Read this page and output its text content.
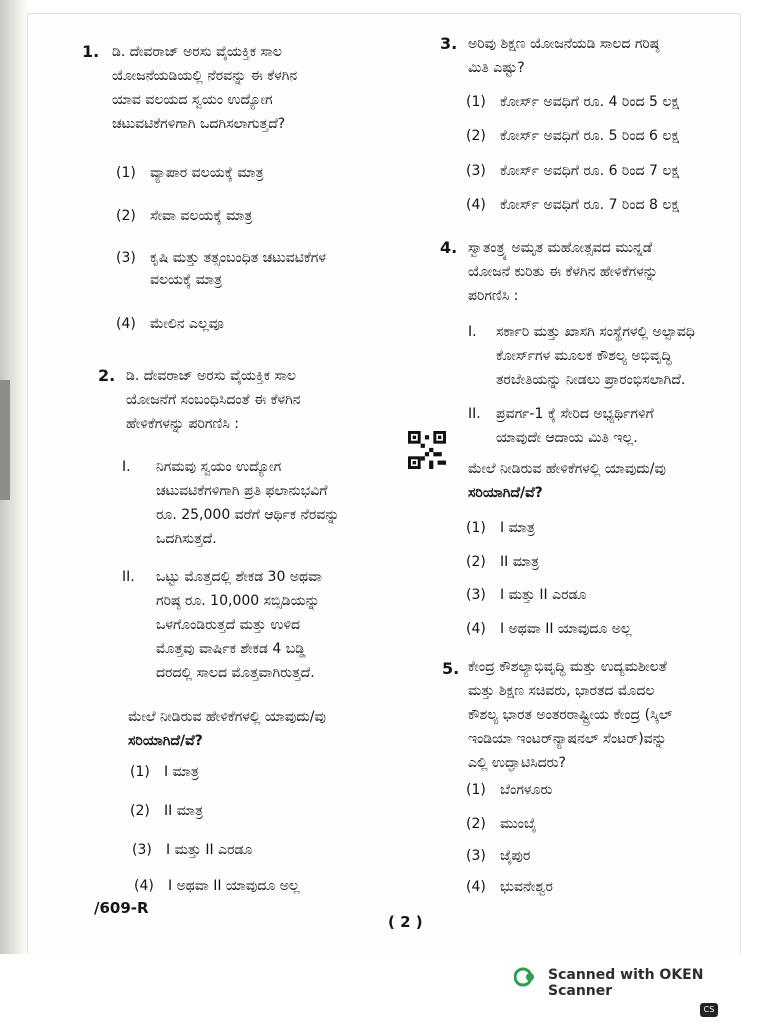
1. ಡಿ. ದೇವರಾಜ್ ಅರಸು ವೈಯಕ್ತಿಕ ಸಾಲ
ಯೋಜನೆಯಡಿಯಲ್ಲಿ ನೆರವನ್ನು ಈ ಕೆಳಗಿನ
ಯಾವ ವಲಯದ ಸ್ವಯಂ ಉದ್ಯೋಗ
ಚಟುವಟಿಕೆಗಳಿಗಾಗಿ ಒದಗಿಸಲಾಗುತ್ತದೆ?
(1) ವ್ಯಾಪಾರ ವಲಯಕ್ಕೆ ಮಾತ್ರ
(2) ಸೇವಾ ವಲಯಕ್ಕೆ ಮಾತ್ರ
(3) ಕೃಷಿ ಮತ್ತು ತತ್ಸಂಬಂಧಿತ ಚಟುವಟಿಕೆಗಳ
ವಲಯಕ್ಕೆ ಮಾತ್ರ
(4) ಮೇಲಿನ ಎಲ್ಲವೂ
2. ಡಿ. ದೇವರಾಜ್ ಅರಸು ವೈಯಕ್ತಿಕ ಸಾಲ
ಯೋಜನೆಗೆ ಸಂಬಂಧಿಸಿದಂತೆ ಈ ಕೆಳಗಿನ
ಹೇಳಿಕೆಗಳನ್ನು ಪರಿಗಣಿಸಿ :
I. ನಿಗಮವು ಸ್ವಯಂ ಉದ್ಯೋಗ
ಚಟುವಟಿಕೆಗಳಿಗಾಗಿ ಪ್ರತಿ ಫಲಾನುಭವಿಗೆ
ರೂ. 25,000 ವರೆಗೆ ಆರ್ಥಿಕ ನೆರವನ್ನು
ಒದಗಿಸುತ್ತದೆ.
II. ಒಟ್ಟು ಮೊತ್ತದಲ್ಲಿ ಶೇಕಡ 30 ಅಥವಾ
ಗರಿಷ್ಠ ರೂ. 10,000 ಸಬ್ಸಿಡಿಯನ್ನು
ಒಳಗೊಂಡಿರುತ್ತದೆ ಮತ್ತು ಉಳಿದ
ಮೊತ್ತವು ವಾರ್ಷಿಕ ಶೇಕಡ 4 ಬಡ್ಡಿ
ದರದಲ್ಲಿ ಸಾಲದ ಮೊತ್ತವಾಗಿರುತ್ತದೆ.
ಮೇಲೆ ನೀಡಿರುವ ಹೇಳಿಕೆಗಳಲ್ಲಿ ಯಾವುದು/ವು
ಸರಿಯಾಗಿದೆ/ವೆ?
(1) I ಮಾತ್ರ
(2) II ಮಾತ್ರ
(3) I ಮತ್ತು II ಎರಡೂ
(4) I ಅಥವಾ II ಯಾವುದೂ ಅಲ್ಲ
3. ಅರಿವು ಶಿಕ್ಷಣ ಯೋಜನೆಯಡಿ ಸಾಲದ ಗರಿಷ್ಠ
ಮಿತಿ ಎಷ್ಟು?
(1) ಕೋರ್ಸ್ ಅವಧಿಗೆ ರೂ. 4 ರಿಂದ 5 ಲಕ್ಷ
(2) ಕೋರ್ಸ್ ಅವಧಿಗೆ ರೂ. 5 ರಿಂದ 6 ಲಕ್ಷ
(3) ಕೋರ್ಸ್ ಅವಧಿಗೆ ರೂ. 6 ರಿಂದ 7 ಲಕ್ಷ
(4) ಕೋರ್ಸ್ ಅವಧಿಗೆ ರೂ. 7 ರಿಂದ 8 ಲಕ್ಷ
4. ಸ್ವಾತಂತ್ರ್ಯ ಅಮೃತ ಮಹೋತ್ಸವದ ಮುನ್ನಡೆ
ಯೋಜನೆ ಕುರಿತು ಈ ಕೆಳಗಿನ ಹೇಳಿಕೆಗಳನ್ನು
ಪರಿಗಣಿಸಿ :
I. ಸರ್ಕಾರಿ ಮತ್ತು ಖಾಸಗಿ ಸಂಸ್ಥೆಗಳಲ್ಲಿ ಅಲ್ಪಾವಧಿ
ಕೋರ್ಸ್‌ಗಳ ಮೂಲಕ ಕೌಶಲ್ಯ ಅಭಿವೃದ್ಧಿ
ತರಬೇತಿಯನ್ನು ನೀಡಲು ಪ್ರಾರಂಭಿಸಲಾಗಿದೆ.
II. ಪ್ರವರ್ಗ-1 ಕ್ಕೆ ಸೇರಿದ ಅಭ್ಯರ್ಥಿಗಳಿಗೆ
ಯಾವುದೇ ಆದಾಯ ಮಿತಿ ಇಲ್ಲ.
ಮೇಲೆ ನೀಡಿರುವ ಹೇಳಿಕೆಗಳಲ್ಲಿ ಯಾವುದು/ವು
ಸರಿಯಾಗಿದೆ/ವೆ?
(1) I ಮಾತ್ರ
(2) II ಮಾತ್ರ
(3) I ಮತ್ತು II ಎರಡೂ
(4) I ಅಥವಾ II ಯಾವುದೂ ಅಲ್ಲ
5. ಕೇಂದ್ರ ಕೌಶಲ್ಯಾಭಿವೃದ್ಧಿ ಮತ್ತು ಉದ್ಯಮಶೀಲತೆ
ಮತ್ತು ಶಿಕ್ಷಣ ಸಚಿವರು, ಭಾರತದ ಮೊದಲ
ಕೌಶಲ್ಯ ಭಾರತ ಅಂತರರಾಷ್ಟ್ರೀಯ ಕೇಂದ್ರ (ಸ್ಕಿಲ್
ಇಂಡಿಯಾ ಇಂಟರ್‌ನ್ಯಾಷನಲ್ ಸೆಂಟರ್)ವನ್ನು
ಎಲ್ಲಿ ಉದ್ಘಾಟಿಸಿದರು?
(1) ಬೆಂಗಳೂರು
(2) ಮುಂಬೈ
(3) ಜೈಪುರ
(4) ಭುವನೇಶ್ವರ
/609-R
( 2 )
Scanned with OKEN Scanner
CS
